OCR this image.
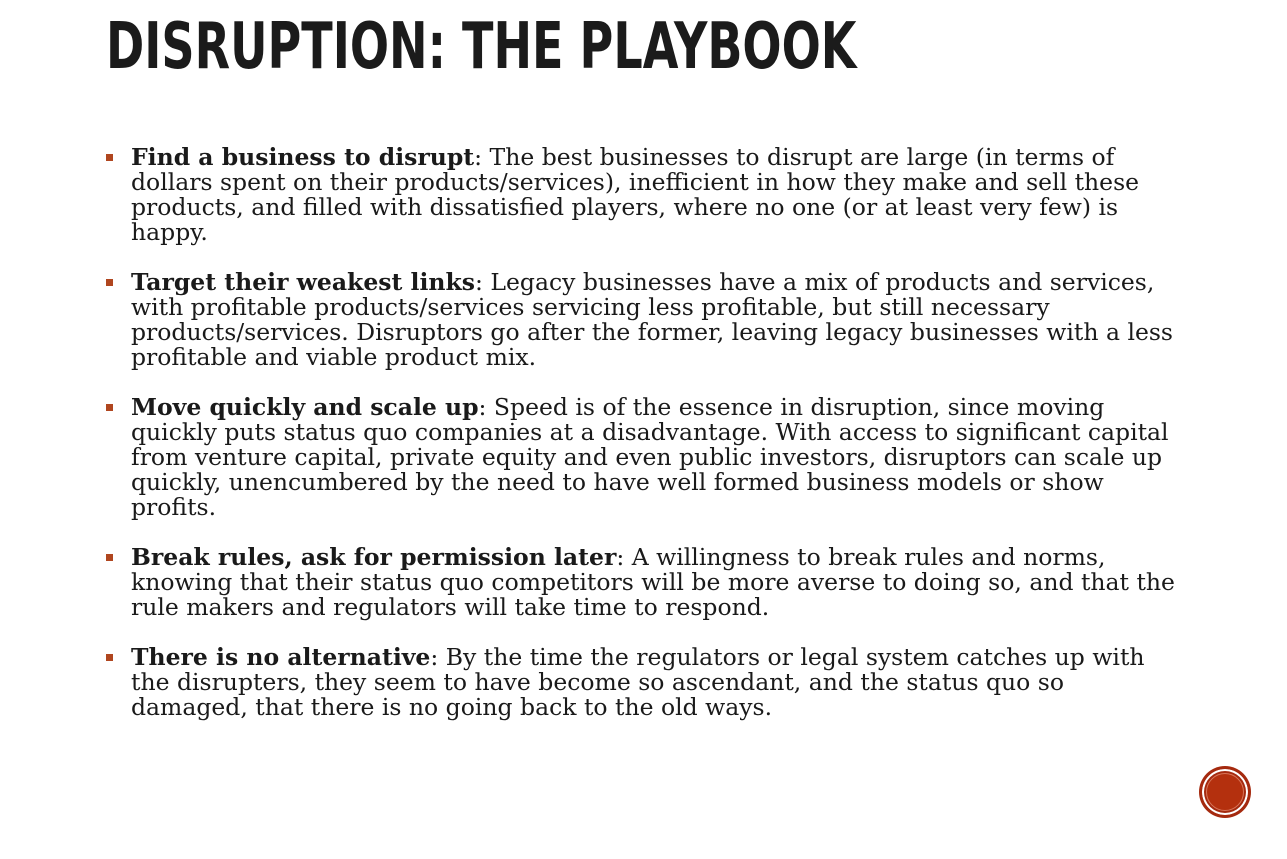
DISRUPTION: THE PLAYBOOK
Find a business to disrupt: The best businesses to disrupt are large (in terms of dollars spent on their products/services), inefficient in how they make and sell these products, and filled with dissatisfied players, where no one (or at least very few) is happy.
Target their weakest links: Legacy businesses have a mix of products and services, with profitable products/services servicing less profitable, but still necessary products/services. Disruptors go after the former, leaving legacy businesses with a less profitable and viable product mix.
Move quickly and scale up: Speed is of the essence in disruption, since moving quickly puts status quo companies at a disadvantage. With access to significant capital from venture capital, private equity and even public investors, disruptors can scale up quickly, unencumbered by the need to have well formed business models or show profits.
Break rules, ask for permission later: A willingness to break rules and norms, knowing that their status quo competitors will be more averse to doing so, and that the rule makers and regulators will take time to respond.
There is no alternative: By the time the regulators or legal system catches up with the disrupters, they seem to have become so ascendant, and the status quo so damaged, that there is no going back to the old ways.
